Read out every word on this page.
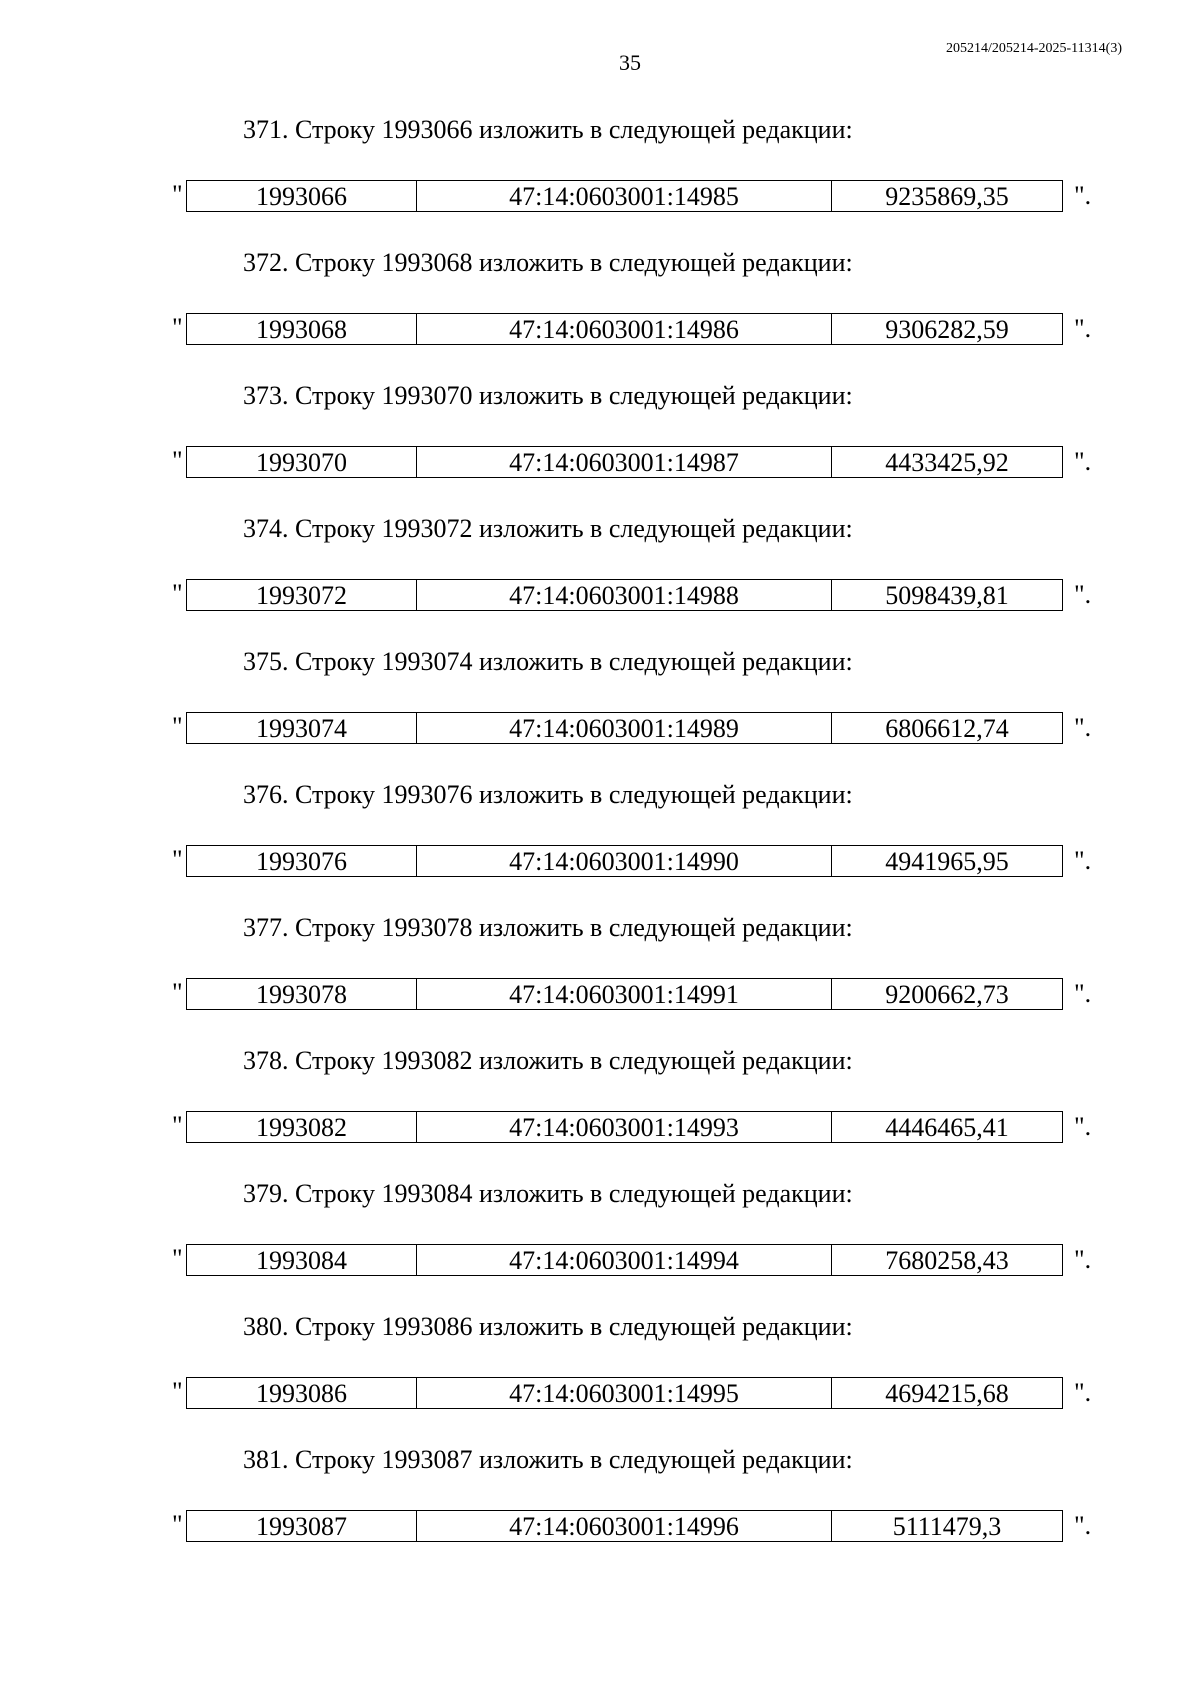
35
205214/205214-2025-11314(3)
371. Строку 1993066 изложить в следующей редакции:
"	1993066	47:14:0603001:14985	9235869,35	".
372. Строку 1993068 изложить в следующей редакции:
"	1993068	47:14:0603001:14986	9306282,59	".
373. Строку 1993070 изложить в следующей редакции:
"	1993070	47:14:0603001:14987	4433425,92	".
374. Строку 1993072 изложить в следующей редакции:
"	1993072	47:14:0603001:14988	5098439,81	".
375. Строку 1993074 изложить в следующей редакции:
"	1993074	47:14:0603001:14989	6806612,74	".
376. Строку 1993076 изложить в следующей редакции:
"	1993076	47:14:0603001:14990	4941965,95	".
377. Строку 1993078 изложить в следующей редакции:
"	1993078	47:14:0603001:14991	9200662,73	".
378. Строку 1993082 изложить в следующей редакции:
"	1993082	47:14:0603001:14993	4446465,41	".
379. Строку 1993084 изложить в следующей редакции:
"	1993084	47:14:0603001:14994	7680258,43	".
380. Строку 1993086 изложить в следующей редакции:
"	1993086	47:14:0603001:14995	4694215,68	".
381. Строку 1993087 изложить в следующей редакции:
"	1993087	47:14:0603001:14996	5111479,3	".
